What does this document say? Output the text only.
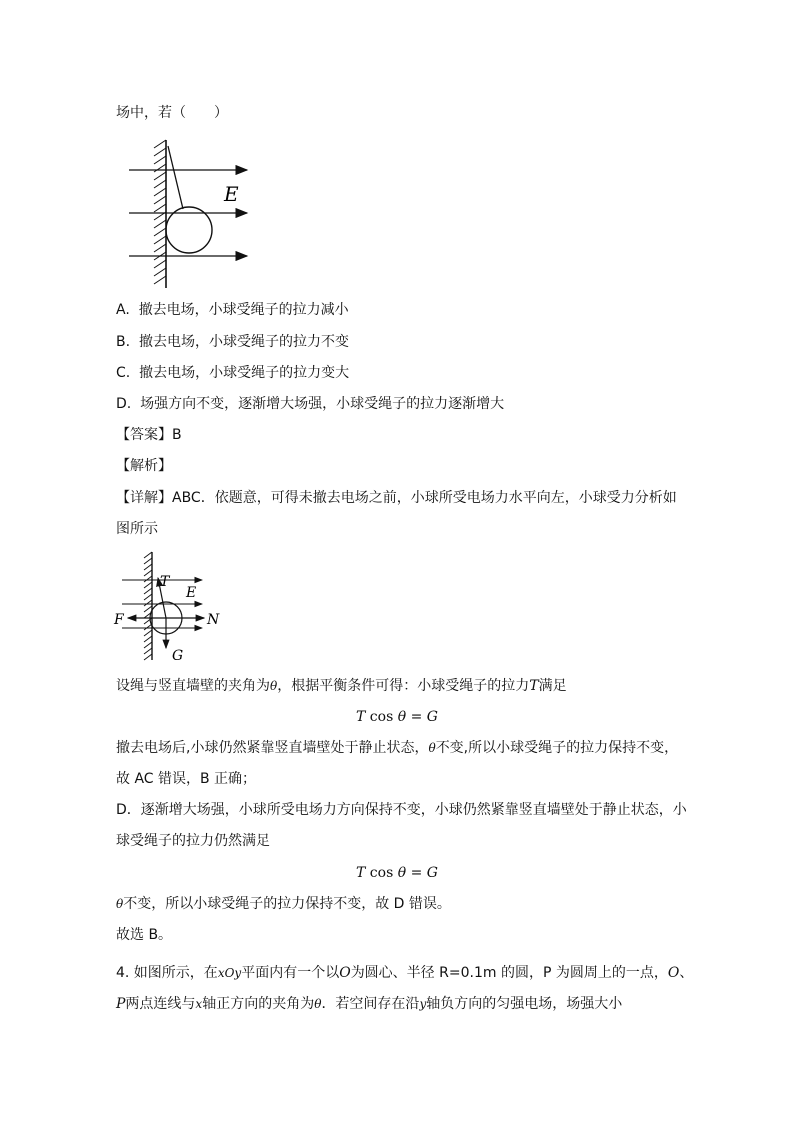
场中，若（　　）
E
A. 撤去电场，小球受绳子的拉力减小
B. 撤去电场，小球受绳子的拉力不变
C. 撤去电场，小球受绳子的拉力变大
D. 场强方向不变，逐渐增大场强，小球受绳子的拉力逐渐增大
【答案】B
【解析】
【详解】ABC．依题意，可得未撤去电场之前，小球所受电场力水平向左，小球受力分析如
图所示
T
E
F	N
G
设绳与竖直墙壁的夹角为θ，根据平衡条件可得：小球受绳子的拉力T满足
T cos θ = G
撤去电场后,小球仍然紧靠竖直墙壁处于静止状态，θ不变,所以小球受绳子的拉力保持不变，
故 AC 错误，B 正确；
D．逐渐增大场强，小球所受电场力方向保持不变，小球仍然紧靠竖直墙壁处于静止状态，小
球受绳子的拉力仍然满足
T cos θ = G
θ不变，所以小球受绳子的拉力保持不变，故 D 错误。
故选 B。
4. 如图所示，在xOy平面内有一个以O为圆心、半径 R=0.1m 的圆，P 为圆周上的一点，O、
P两点连线与x轴正方向的夹角为θ．若空间存在沿y轴负方向的匀强电场，场强大小
